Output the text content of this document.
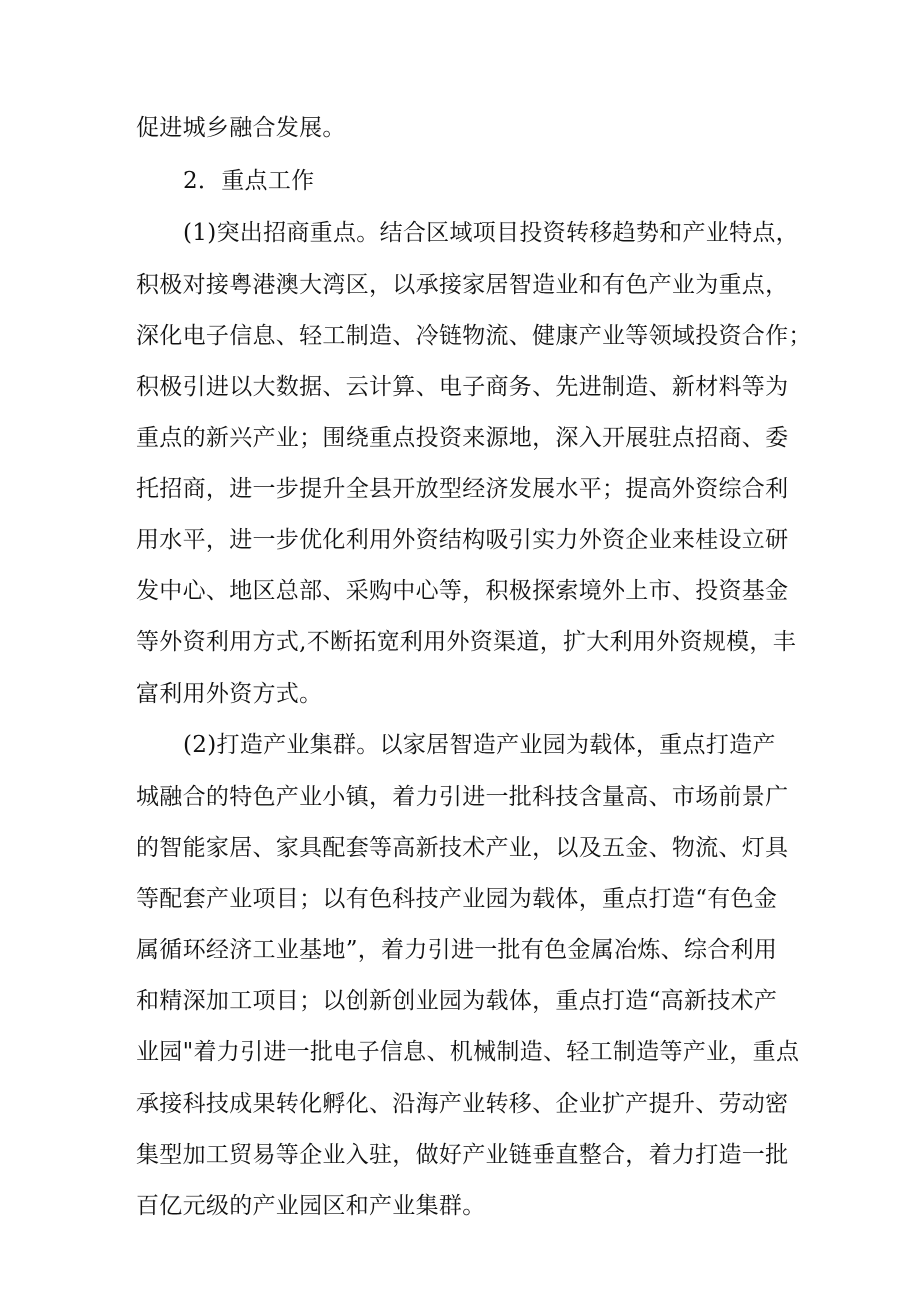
促进城乡融合发展。
2．重点工作
(1)突出招商重点。结合区域项目投资转移趋势和产业特点，
积极对接粤港澳大湾区，以承接家居智造业和有色产业为重点，
深化电子信息、轻工制造、冷链物流、健康产业等领域投资合作；
积极引进以大数据、云计算、电子商务、先进制造、新材料等为
重点的新兴产业；围绕重点投资来源地，深入开展驻点招商、委
托招商，进一步提升全县开放型经济发展水平；提高外资综合利
用水平，进一步优化利用外资结构吸引实力外资企业来桂设立研
发中心、地区总部、采购中心等，积极探索境外上市、投资基金
等外资利用方式,不断拓宽利用外资渠道，扩大利用外资规模，丰
富利用外资方式。
(2)打造产业集群。以家居智造产业园为载体，重点打造产
城融合的特色产业小镇，着力引进一批科技含量高、市场前景广
的智能家居、家具配套等高新技术产业，以及五金、物流、灯具
等配套产业项目；以有色科技产业园为载体，重点打造“有色金
属循环经济工业基地”，着力引进一批有色金属冶炼、综合利用
和精深加工项目；以创新创业园为载体，重点打造“高新技术产
业园"着力引进一批电子信息、机械制造、轻工制造等产业，重点
承接科技成果转化孵化、沿海产业转移、企业扩产提升、劳动密
集型加工贸易等企业入驻，做好产业链垂直整合，着力打造一批
百亿元级的产业园区和产业集群。
